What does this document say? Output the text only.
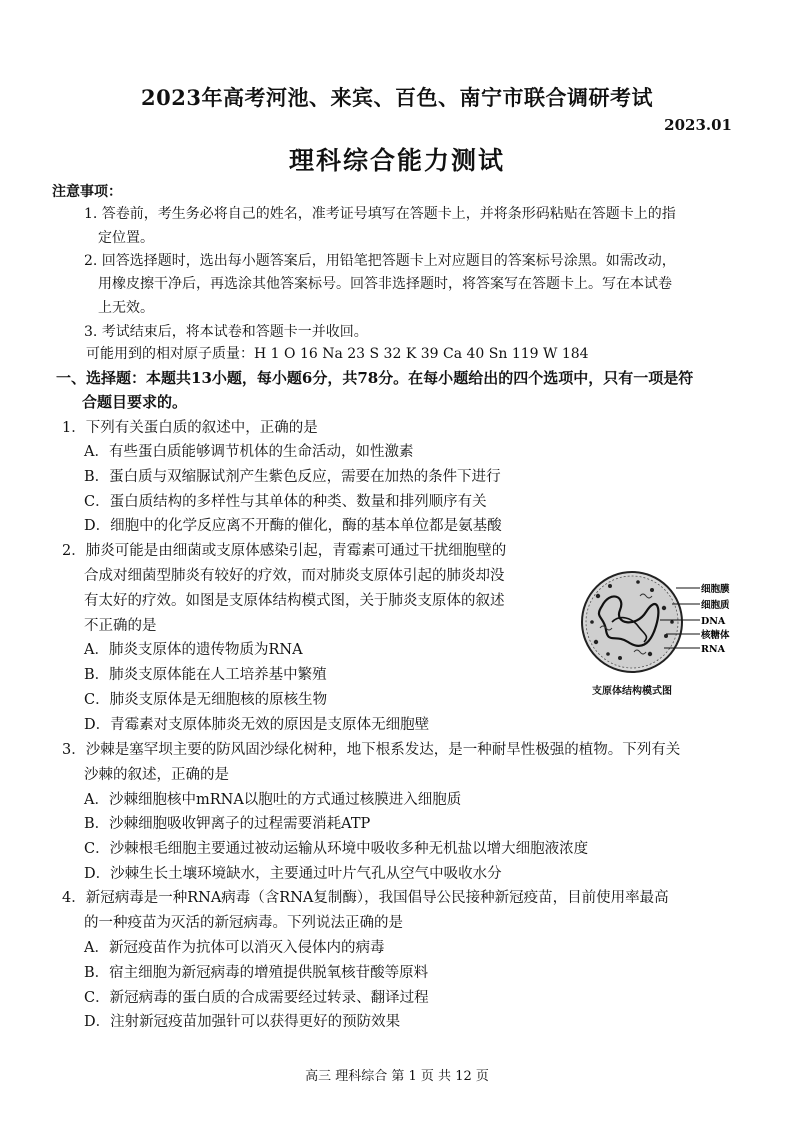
2023年高考河池、来宾、百色、南宁市联合调研考试
2023.01
理科综合能力测试
注意事项：
1. 答卷前，考生务必将自己的姓名，准考证号填写在答题卡上，并将条形码粘贴在答题卡上的指
定位置。
2. 回答选择题时，选出每小题答案后，用铅笔把答题卡上对应题目的答案标号涂黑。如需改动，
用橡皮擦干净后，再选涂其他答案标号。回答非选择题时，将答案写在答题卡上。写在本试卷
上无效。
3. 考试结束后，将本试卷和答题卡一并收回。
可能用到的相对原子质量：H 1 O 16 Na 23 S 32 K 39 Ca 40 Sn 119 W 184
一、选择题：本题共13小题，每小题6分，共78分。在每小题给出的四个选项中，只有一项是符
合题目要求的。
1．下列有关蛋白质的叙述中，正确的是
A．有些蛋白质能够调节机体的生命活动，如性激素
B．蛋白质与双缩脲试剂产生紫色反应，需要在加热的条件下进行
C．蛋白质结构的多样性与其单体的种类、数量和排列顺序有关
D．细胞中的化学反应离不开酶的催化，酶的基本单位都是氨基酸
2．肺炎可能是由细菌或支原体感染引起，青霉素可通过干扰细胞壁的
合成对细菌型肺炎有较好的疗效，而对肺炎支原体引起的肺炎却没
有太好的疗效。如图是支原体结构模式图，关于肺炎支原体的叙述
不正确的是
A．肺炎支原体的遗传物质为RNA
B．肺炎支原体能在人工培养基中繁殖
C．肺炎支原体是无细胞核的原核生物
D．青霉素对支原体肺炎无效的原因是支原体无细胞壁
细胞膜
细胞质
DNA
核糖体
RNA
支原体结构模式图
3．沙棘是塞罕坝主要的防风固沙绿化树种，地下根系发达，是一种耐旱性极强的植物。下列有关
沙棘的叙述，正确的是
A．沙棘细胞核中mRNA以胞吐的方式通过核膜进入细胞质
B．沙棘细胞吸收钾离子的过程需要消耗ATP
C．沙棘根毛细胞主要通过被动运输从环境中吸收多种无机盐以增大细胞液浓度
D．沙棘生长土壤环境缺水，主要通过叶片气孔从空气中吸收水分
4．新冠病毒是一种RNA病毒（含RNA复制酶），我国倡导公民接种新冠疫苗，目前使用率最高
的一种疫苗为灭活的新冠病毒。下列说法正确的是
A．新冠疫苗作为抗体可以消灭入侵体内的病毒
B．宿主细胞为新冠病毒的增殖提供脱氧核苷酸等原料
C．新冠病毒的蛋白质的合成需要经过转录、翻译过程
D．注射新冠疫苗加强针可以获得更好的预防效果
高三 理科综合 第 1 页 共 12 页
